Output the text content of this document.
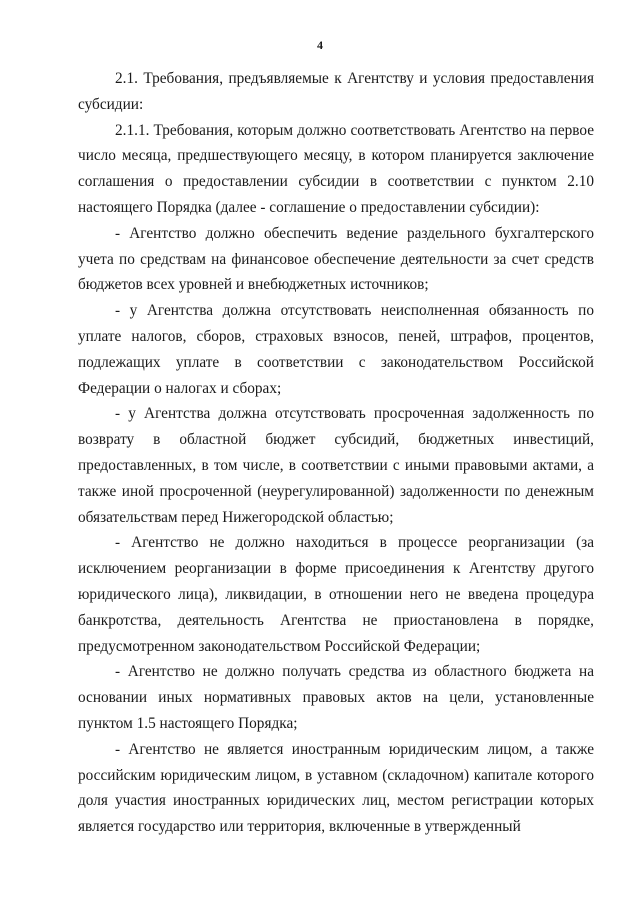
4

2.1. Требования, предъявляемые к Агентству и условия предоставления субсидии:

2.1.1. Требования, которым должно соответствовать Агентство на первое число месяца, предшествующего месяцу, в котором планируется заключение соглашения о предоставлении субсидии в соответствии с пунктом 2.10 настоящего Порядка (далее - соглашение о предоставлении субсидии):

- Агентство должно обеспечить ведение раздельного бухгалтерского учета по средствам на финансовое обеспечение деятельности за счет средств бюджетов всех уровней и внебюджетных источников;

- у Агентства должна отсутствовать неисполненная обязанность по уплате налогов, сборов, страховых взносов, пеней, штрафов, процентов, подлежащих уплате в соответствии с законодательством Российской Федерации о налогах и сборах;

- у Агентства должна отсутствовать просроченная задолженность по возврату в областной бюджет субсидий, бюджетных инвестиций, предоставленных, в том числе, в соответствии с иными правовыми актами, а также иной просроченной (неурегулированной) задолженности по денежным обязательствам перед Нижегородской областью;

- Агентство не должно находиться в процессе реорганизации (за исключением реорганизации в форме присоединения к Агентству другого юридического лица), ликвидации, в отношении него не введена процедура банкротства, деятельность Агентства не приостановлена в порядке, предусмотренном законодательством Российской Федерации;

- Агентство не должно получать средства из областного бюджета на основании иных нормативных правовых актов на цели, установленные пунктом 1.5 настоящего Порядка;

- Агентство не является иностранным юридическим лицом, а также российским юридическим лицом, в уставном (складочном) капитале которого доля участия иностранных юридических лиц, местом регистрации которых является государство или территория, включенные в утвержденный
